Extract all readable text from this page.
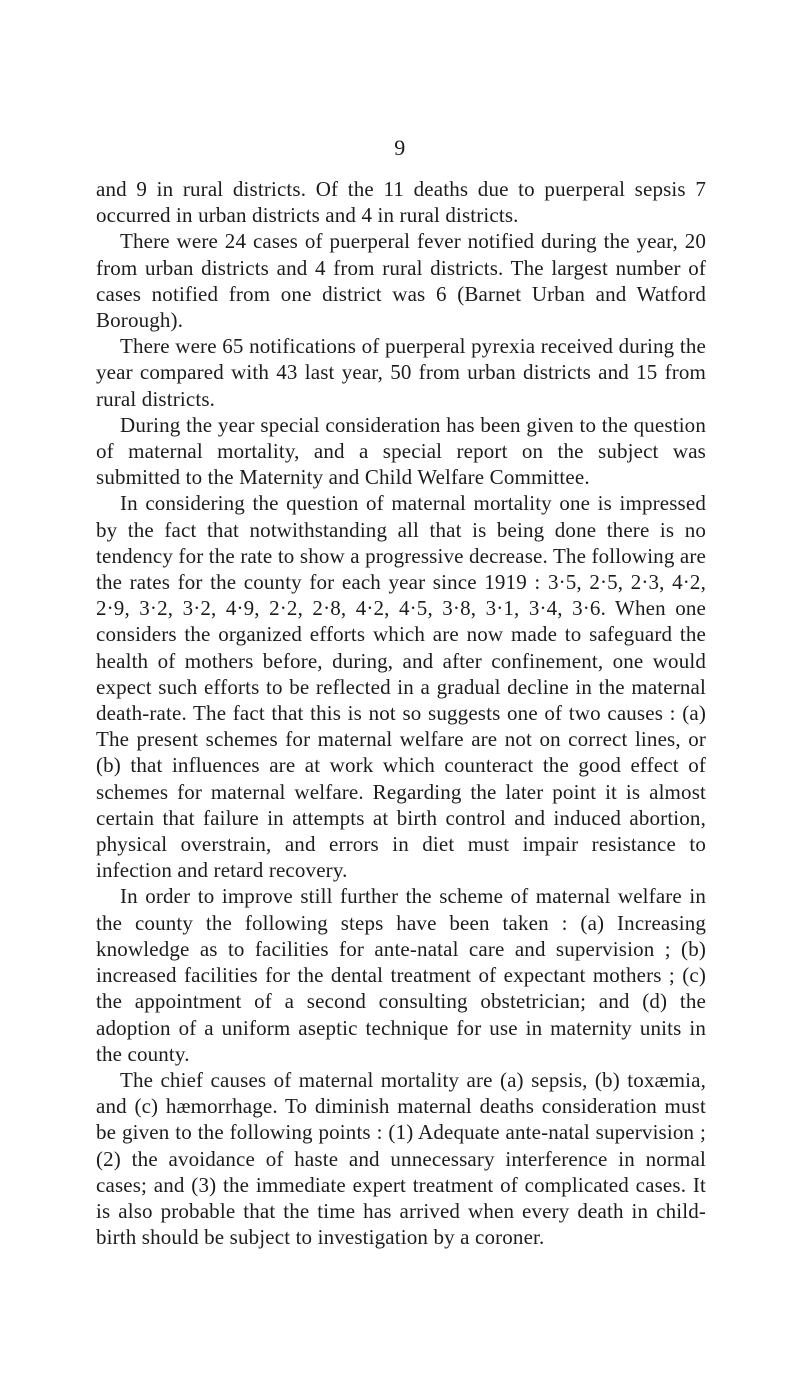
9

and 9 in rural districts. Of the 11 deaths due to puerperal sepsis 7 occurred in urban districts and 4 in rural districts.

There were 24 cases of puerperal fever notified during the year, 20 from urban districts and 4 from rural districts. The largest number of cases notified from one district was 6 (Barnet Urban and Watford Borough).

There were 65 notifications of puerperal pyrexia received during the year compared with 43 last year, 50 from urban districts and 15 from rural districts.

During the year special consideration has been given to the question of maternal mortality, and a special report on the subject was submitted to the Maternity and Child Welfare Committee.

In considering the question of maternal mortality one is impressed by the fact that notwithstanding all that is being done there is no tendency for the rate to show a progressive decrease. The following are the rates for the county for each year since 1919 : 3·5, 2·5, 2·3, 4·2, 2·9, 3·2, 3·2, 4·9, 2·2, 2·8, 4·2, 4·5, 3·8, 3·1, 3·4, 3·6. When one considers the organized efforts which are now made to safeguard the health of mothers before, during, and after confinement, one would expect such efforts to be reflected in a gradual decline in the maternal death-rate. The fact that this is not so suggests one of two causes : (a) The present schemes for maternal welfare are not on correct lines, or (b) that influences are at work which counteract the good effect of schemes for maternal welfare. Regarding the later point it is almost certain that failure in attempts at birth control and induced abortion, physical overstrain, and errors in diet must impair resistance to infection and retard recovery.

In order to improve still further the scheme of maternal welfare in the county the following steps have been taken : (a) Increasing knowledge as to facilities for ante-natal care and supervision ; (b) increased facilities for the dental treatment of expectant mothers ; (c) the appointment of a second consulting obstetrician; and (d) the adoption of a uniform aseptic technique for use in maternity units in the county.

The chief causes of maternal mortality are (a) sepsis, (b) toxæmia, and (c) hæmorrhage. To diminish maternal deaths consideration must be given to the following points : (1) Adequate ante-natal supervision ; (2) the avoidance of haste and unnecessary interference in normal cases; and (3) the immediate expert treatment of complicated cases. It is also probable that the time has arrived when every death in child-birth should be subject to investigation by a coroner.
